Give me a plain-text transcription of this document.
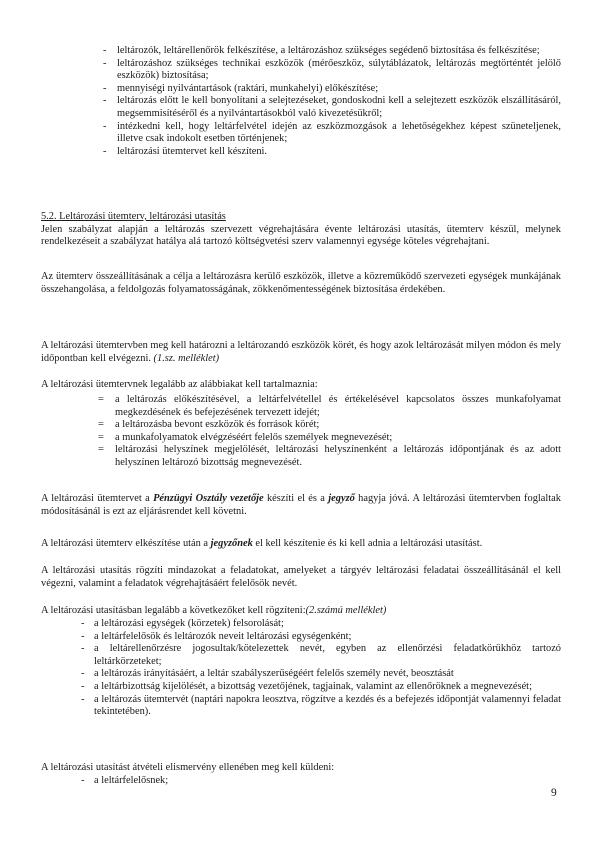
- leltározók, leltárellenőrök felkészítése, a leltározáshoz szükséges segédenő biztosítása és felkészítése;
- leltározáshoz szükséges technikai eszközök (mérőeszköz, súlytáblázatok, leltározás megtörténtét jelölő eszközök) biztosítása;
- mennyiségi nyilvántartások (raktári, munkahelyi) előkészítése;
- leltározás előtt le kell bonyolítani a selejtezéseket, gondoskodni kell a selejtezett eszközök elszállításáról, megsemmisítéséről és a nyilvántartásokból való kivezetésükről;
- intézkedni kell, hogy leltárfelvétel idején az eszközmozgások a lehetőségekhez képest szüneteljenek, illetve csak indokolt esetben történjenek;
- leltározási ütemtervet kell készíteni.

5.2. Leltározási ütemterv, leltározási utasítás

Jelen szabályzat alapján a leltározás szervezett végrehajtására évente leltározási utasítás, ütemterv készül, melynek rendelkezéseit a szabályzat hatálya alá tartozó költségvetési szerv valamennyi egysége köteles végrehajtani.

Az ütemterv összeállításának a célja a leltározásra kerülő eszközök, illetve a közreműködő szervezeti egységek munkájának összehangolása, a feldolgozás folyamatosságának, zökkenőmentességének biztosítása érdekében.

A leltározási ütemtervben meg kell határozni a leltározandó eszközök körét, és hogy azok leltározását milyen módon és mely időpontban kell elvégezni. (1.sz. melléklet)

A leltározási ütemtervnek legalább az alábbiakat kell tartalmaznia:

= a leltározás előkészítésével, a leltárfelvétellel és értékelésével kapcsolatos összes munkafolyamat megkezdésének és befejezésének tervezett idejét;
= a leltározásba bevont eszközök és források körét;
= a munkafolyamatok elvégzéséért felelős személyek megnevezését;
= leltározási helyszínek megjelölését, leltározási helyszínenként a leltározás időpontjának és az adott helyszínen leltározó bizottság megnevezését.

A leltározási ütemtervet a Pénzügyi Osztály vezetője készíti el és a jegyző hagyja jóvá. A leltározási ütemtervben foglaltak módosításánál is ezt az eljárásrendet kell követni.

A leltározási ütemterv elkészítése után a jegyzőnek el kell készítenie és ki kell adnia a leltározási utasítást.

A leltározási utasítás rögzíti mindazokat a feladatokat, amelyeket a tárgyév leltározási feladatai összeállításánál el kell végezni, valamint a feladatok végrehajtásáért felelősök nevét.

A leltározási utasításban legalább a következőket kell rögzíteni:(2.számú melléklet)

- a leltározási egységek (körzetek) felsorolását;
- a leltárfelelősök és leltározók neveit leltározási egységenként;
- a leltárellenőrzésre jogosultak/kötelezettek nevét, egyben az ellenőrzési feladatkörükhöz tartozó leltárkörzeteket;
- a leltározás irányításáért, a leltár szabályszerűségéért felelős személy nevét, beosztását
- a leltárbizottság kijelölését, a bizottság vezetőjének, tagjainak, valamint az ellenőröknek a megnevezését;
- a leltározás ütemtervét (naptári napokra leosztva, rögzítve a kezdés és a befejezés időpontját valamennyi feladat tekintetében).

A leltározási utasítást átvételi elismervény ellenében meg kell küldeni:

- a leltárfelelősnek;
9
